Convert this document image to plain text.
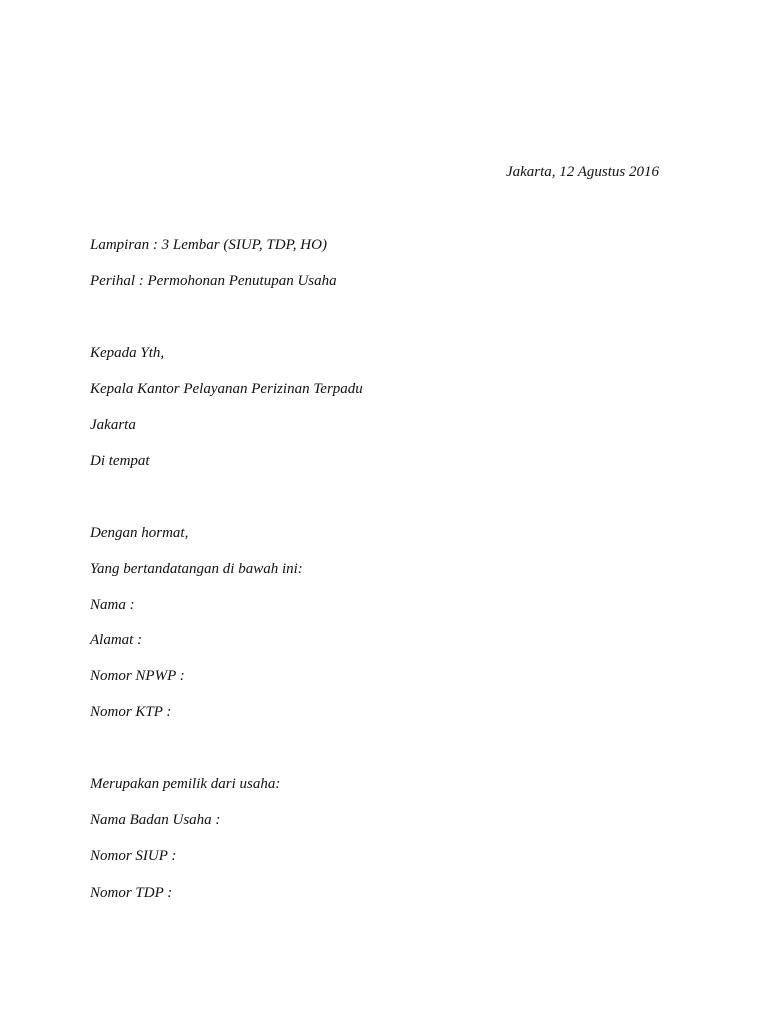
Jakarta, 12 Agustus 2016
Lampiran : 3 Lembar (SIUP, TDP, HO)
Perihal : Permohonan Penutupan Usaha
Kepada Yth,
Kepala Kantor Pelayanan Perizinan Terpadu
Jakarta
Di tempat
Dengan hormat,
Yang bertandatangan di bawah ini:
Nama :
Alamat :
Nomor NPWP :
Nomor KTP :
Merupakan pemilik dari usaha:
Nama Badan Usaha :
Nomor SIUP :
Nomor TDP :
